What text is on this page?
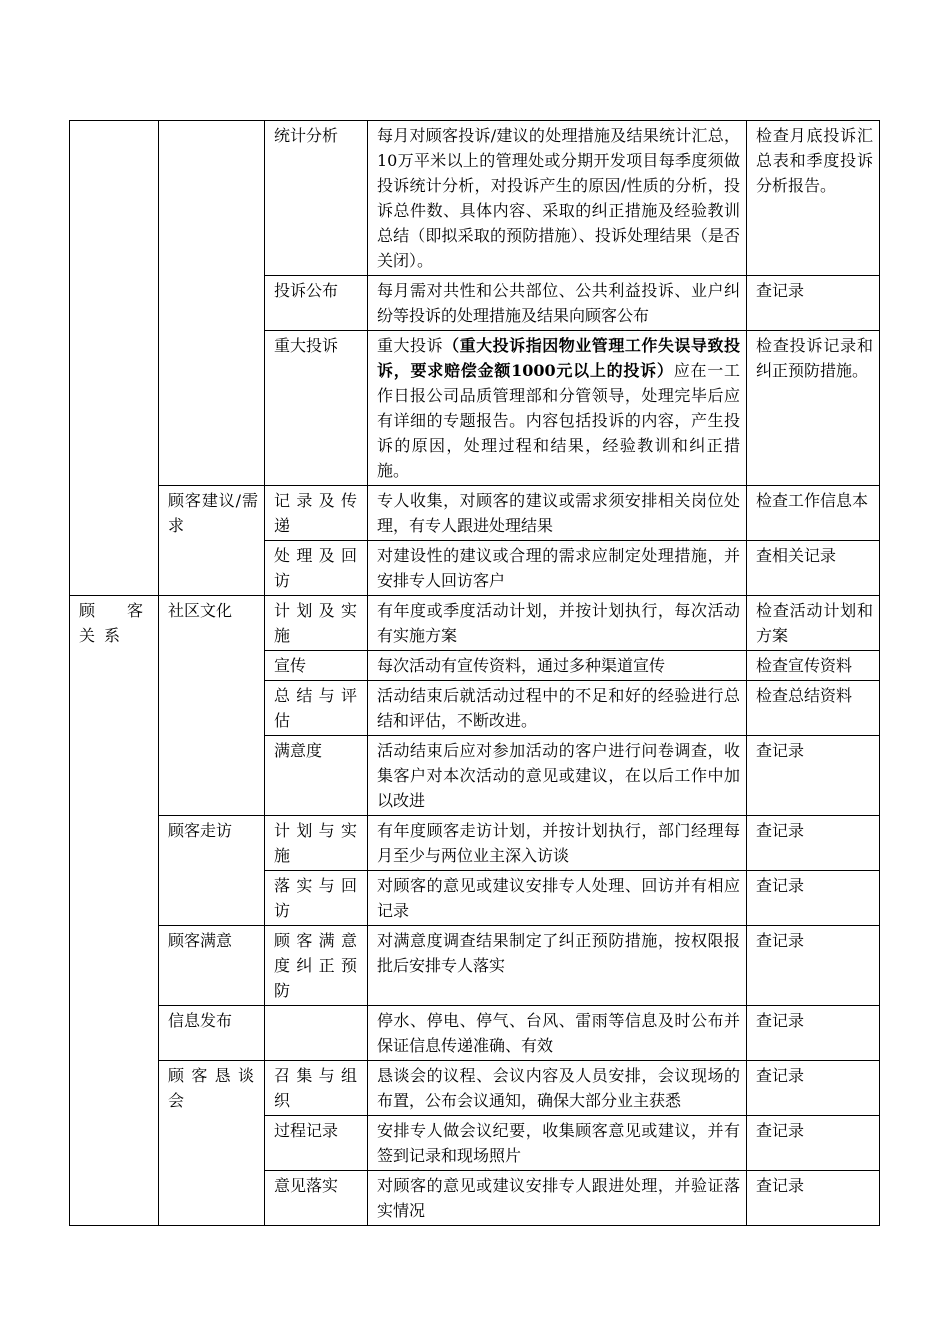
		统计分析	每月对顾客投诉/建议的处理措施及结果统计汇总，10万平米以上的管理处或分期开发项目每季度须做投诉统计分析，对投诉产生的原因/性质的分析，投诉总件数、具体内容、采取的纠正措施及经验教训总结（即拟采取的预防措施）、投诉处理结果（是否关闭）。	检查月底投诉汇总表和季度投诉分析报告。
		投诉公布	每月需对共性和公共部位、公共利益投诉、业户纠纷等投诉的处理措施及结果向顾客公布	查记录
		重大投诉	重大投诉（重大投诉指因物业管理工作失误导致投诉，要求赔偿金额1000元以上的投诉）应在一工作日报公司品质管理部和分管领导，处理完毕后应有详细的专题报告。内容包括投诉的内容，产生投诉的原因，处理过程和结果，经验教训和纠正措施。	检查投诉记录和纠正预防措施。
	顾客建议/需求	记录及传递	专人收集，对顾客的建议或需求须安排相关岗位处理，有专人跟进处理结果	检查工作信息本
		处理及回访	对建设性的建议或合理的需求应制定处理措施，并安排专人回访客户	查相关记录
顾客关系	社区文化	计划及实施	有年度或季度活动计划，并按计划执行，每次活动有实施方案	检查活动计划和方案
		宣传	每次活动有宣传资料，通过多种渠道宣传	检查宣传资料
		总结与评估	活动结束后就活动过程中的不足和好的经验进行总结和评估，不断改进。	检查总结资料
		满意度	活动结束后应对参加活动的客户进行问卷调查，收集客户对本次活动的意见或建议，在以后工作中加以改进	查记录
	顾客走访	计划与实施	有年度顾客走访计划，并按计划执行，部门经理每月至少与两位业主深入访谈	查记录
		落实与回访	对顾客的意见或建议安排专人处理、回访并有相应记录	查记录
	顾客满意	顾客满意度纠正预防	对满意度调查结果制定了纠正预防措施，按权限报批后安排专人落实	查记录
	信息发布		停水、停电、停气、台风、雷雨等信息及时公布并保证信息传递准确、有效	查记录
	顾客恳谈会	召集与组织	恳谈会的议程、会议内容及人员安排，会议现场的布置，公布会议通知，确保大部分业主获悉	查记录
		过程记录	安排专人做会议纪要，收集顾客意见或建议，并有签到记录和现场照片	查记录
		意见落实	对顾客的意见或建议安排专人跟进处理，并验证落实情况	查记录
